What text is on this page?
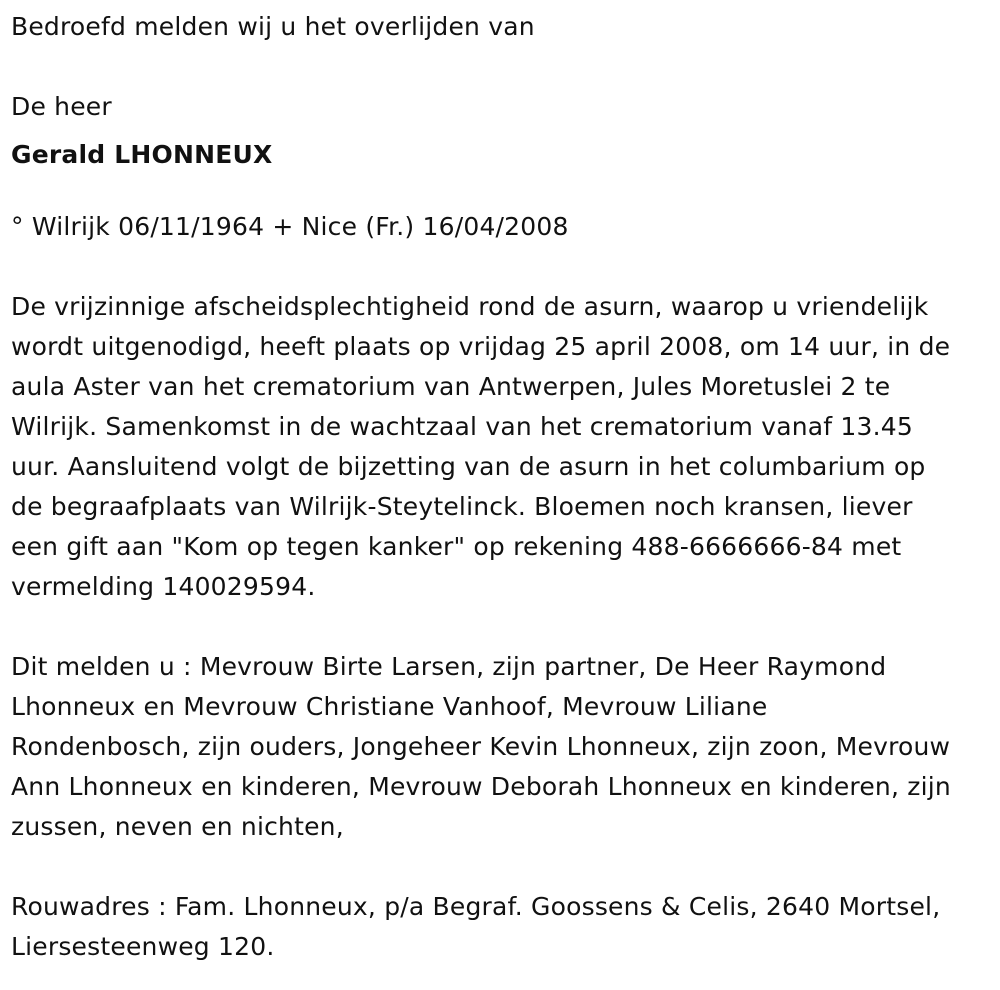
Bedroefd melden wij u het overlijden van
De heer
Gerald LHONNEUX
° Wilrijk 06/11/1964 + Nice (Fr.) 16/04/2008
De vrijzinnige afscheidsplechtigheid rond de asurn, waarop u vriendelijk
wordt uitgenodigd, heeft plaats op vrijdag 25 april 2008, om 14 uur, in de
aula Aster van het crematorium van Antwerpen, Jules Moretuslei 2 te
Wilrijk. Samenkomst in de wachtzaal van het crematorium vanaf 13.45
uur. Aansluitend volgt de bijzetting van de asurn in het columbarium op
de begraafplaats van Wilrijk-Steytelinck. Bloemen noch kransen, liever
een gift aan "Kom op tegen kanker" op rekening 488-6666666-84 met
vermelding 140029594.
Dit melden u : Mevrouw Birte Larsen, zijn partner, De Heer Raymond
Lhonneux en Mevrouw Christiane Vanhoof, Mevrouw Liliane
Rondenbosch, zijn ouders, Jongeheer Kevin Lhonneux, zijn zoon, Mevrouw
Ann Lhonneux en kinderen, Mevrouw Deborah Lhonneux en kinderen, zijn
zussen, neven en nichten,
Rouwadres : Fam. Lhonneux, p/a Begraf. Goossens & Celis, 2640 Mortsel,
Liersesteenweg 120.
